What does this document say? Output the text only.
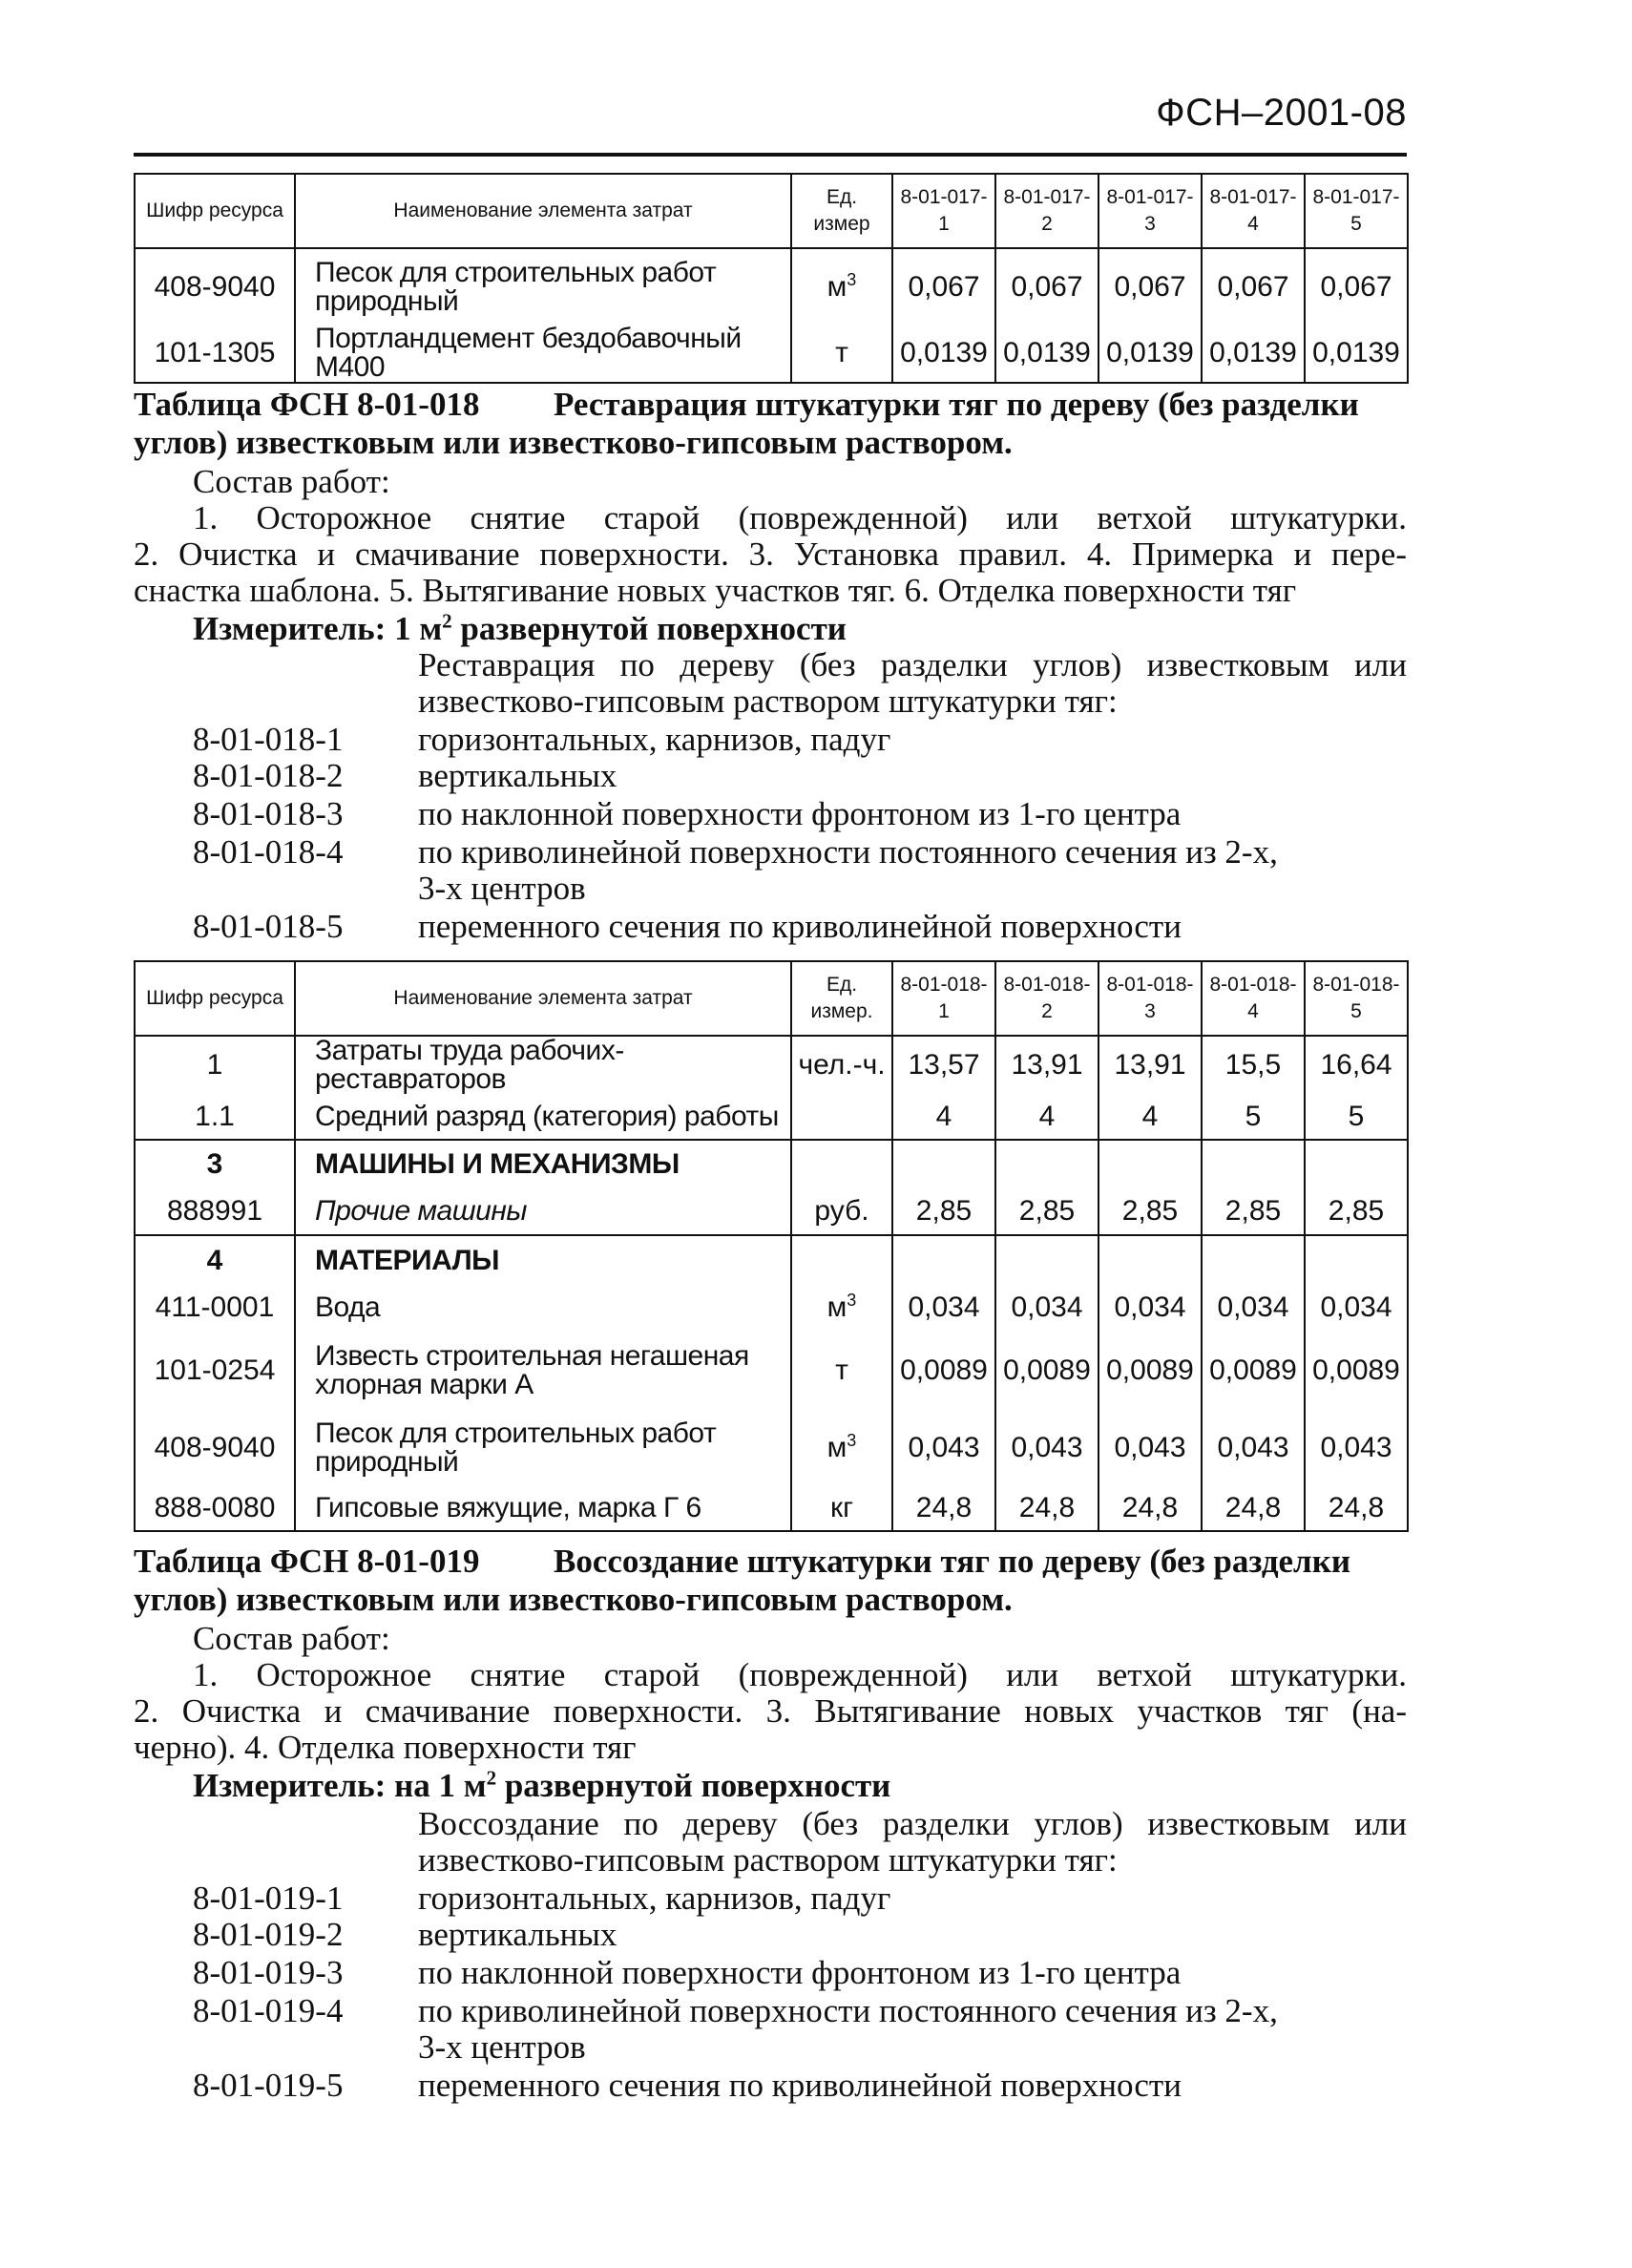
ФСН–2001-08
Шифр ресурса	Наименование элемента затрат	Ед. измер	8-01-017-1	8-01-017-2	8-01-017-3	8-01-017-4	8-01-017-5
408-9040	Песок для строительных работ природный	$м^3$	0,067	0,067	0,067	0,067	0,067
101-1305	Портландцемент бездобавочный М400	т	0,0139	0,0139	0,0139	0,0139	0,0139
Таблица ФСН 8-01-018 Реставрация штукатурки тяг по дереву (без разделки углов) известковым или известково-гипсовым раствором.
Состав работ:
1. Осторожное снятие старой (поврежденной) или ветхой штукатурки.
2. Очистка и смачивание поверхности. 3. Установка правил. 4. Примерка и пере-
снастка шаблона. 5. Вытягивание новых участков тяг. 6. Отделка поверхности тяг
Измеритель: 1 $м^2$ развернутой поверхности
Реставрация по дереву (без разделки углов) известковым или
известково-гипсовым раствором штукатурки тяг:
8-01-018-1 горизонтальных, карнизов, падуг
8-01-018-2 вертикальных
8-01-018-3 по наклонной поверхности фронтоном из 1-го центра
8-01-018-4 по криволинейной поверхности постоянного сечения из 2-х,
3-х центров
8-01-018-5 переменного сечения по криволинейной поверхности
Шифр ресурса	Наименование элемента затрат	Ед. измер.	8-01-018-1	8-01-018-2	8-01-018-3	8-01-018-4	8-01-018-5
1	Затраты труда рабочих-реставраторов	чел.-ч.	13,57	13,91	13,91	15,5	16,64
1.1	Средний разряд (категория) работы		4	4	4	5	5
3	МАШИНЫ И МЕХАНИЗМЫ						
888991	Прочие машины	руб.	2,85	2,85	2,85	2,85	2,85
4	МАТЕРИАЛЫ						
411-0001	Вода	$м^3$	0,034	0,034	0,034	0,034	0,034
101-0254	Известь строительная негашеная хлорная марки А	т	0,0089	0,0089	0,0089	0,0089	0,0089
408-9040	Песок для строительных работ природный	$м^3$	0,043	0,043	0,043	0,043	0,043
888-0080	Гипсовые вяжущие, марка Г 6	кг	24,8	24,8	24,8	24,8	24,8
Таблица ФСН 8-01-019 Воссоздание штукатурки тяг по дереву (без разделки углов) известковым или известково-гипсовым раствором.
Состав работ:
1. Осторожное снятие старой (поврежденной) или ветхой штукатурки.
2. Очистка и смачивание поверхности. 3. Вытягивание новых участков тяг (на-
черно). 4. Отделка поверхности тяг
Измеритель: на 1 $м^2$ развернутой поверхности
Воссоздание по дереву (без разделки углов) известковым или
известково-гипсовым раствором штукатурки тяг:
8-01-019-1 горизонтальных, карнизов, падуг
8-01-019-2 вертикальных
8-01-019-3 по наклонной поверхности фронтоном из 1-го центра
8-01-019-4 по криволинейной поверхности постоянного сечения из 2-х,
3-х центров
8-01-019-5 переменного сечения по криволинейной поверхности
